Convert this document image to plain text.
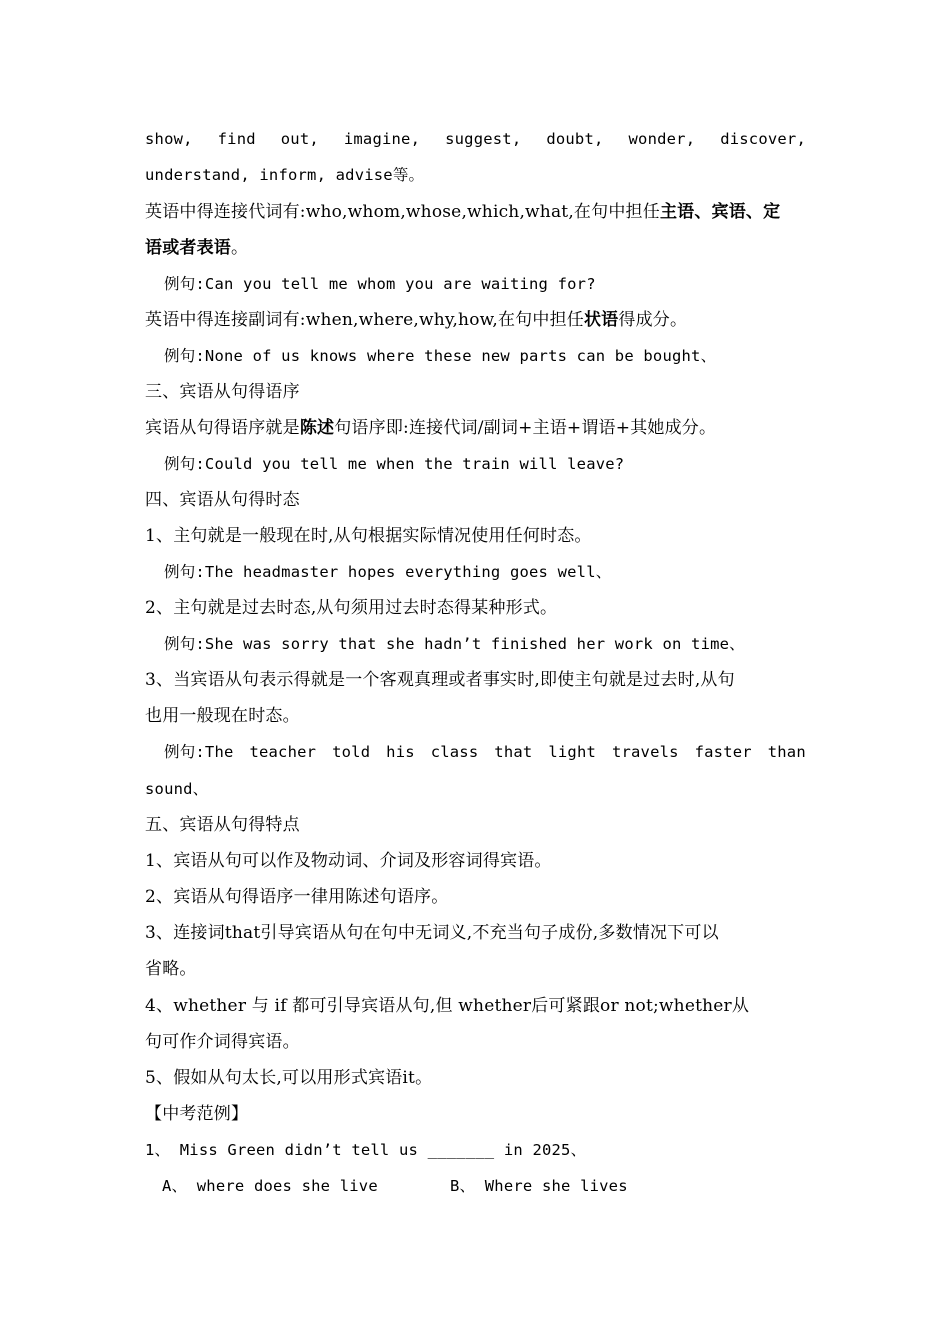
show, find out, imagine, suggest, doubt, wonder, discover,
understand, inform, advise等。
英语中得连接代词有:who,whom,whose,which,what,在句中担任主语、宾语、定
语或者表语。
例句:Can you tell me whom you are waiting for?
英语中得连接副词有:when,where,why,how,在句中担任状语得成分。
例句:None of us knows where these new parts can be bought、
三、宾语从句得语序
宾语从句得语序就是陈述句语序即:连接代词/副词+主语+谓语+其她成分。
例句:Could you tell me when the train will leave?
四、宾语从句得时态
1、主句就是一般现在时,从句根据实际情况使用任何时态。
例句:The headmaster hopes everything goes well、
2、主句就是过去时态,从句须用过去时态得某种形式。
例句:She was sorry that she hadn’t finished her work on time、
3、当宾语从句表示得就是一个客观真理或者事实时,即使主句就是过去时,从句
也用一般现在时态。
例句:The teacher told his class that light travels faster than
sound、
五、宾语从句得特点
1、宾语从句可以作及物动词、介词及形容词得宾语。
2、宾语从句得语序一律用陈述句语序。
3、连接词that引导宾语从句在句中无词义,不充当句子成份,多数情况下可以
省略。
4、whether 与 if 都可引导宾语从句,但 whether后可紧跟or not;whether从
句可作介词得宾语。
5、假如从句太长,可以用形式宾语it。
【中考范例】
1、 Miss Green didn’t tell us _______ in 2025、
A、 where does she live	B、 Where she lives
